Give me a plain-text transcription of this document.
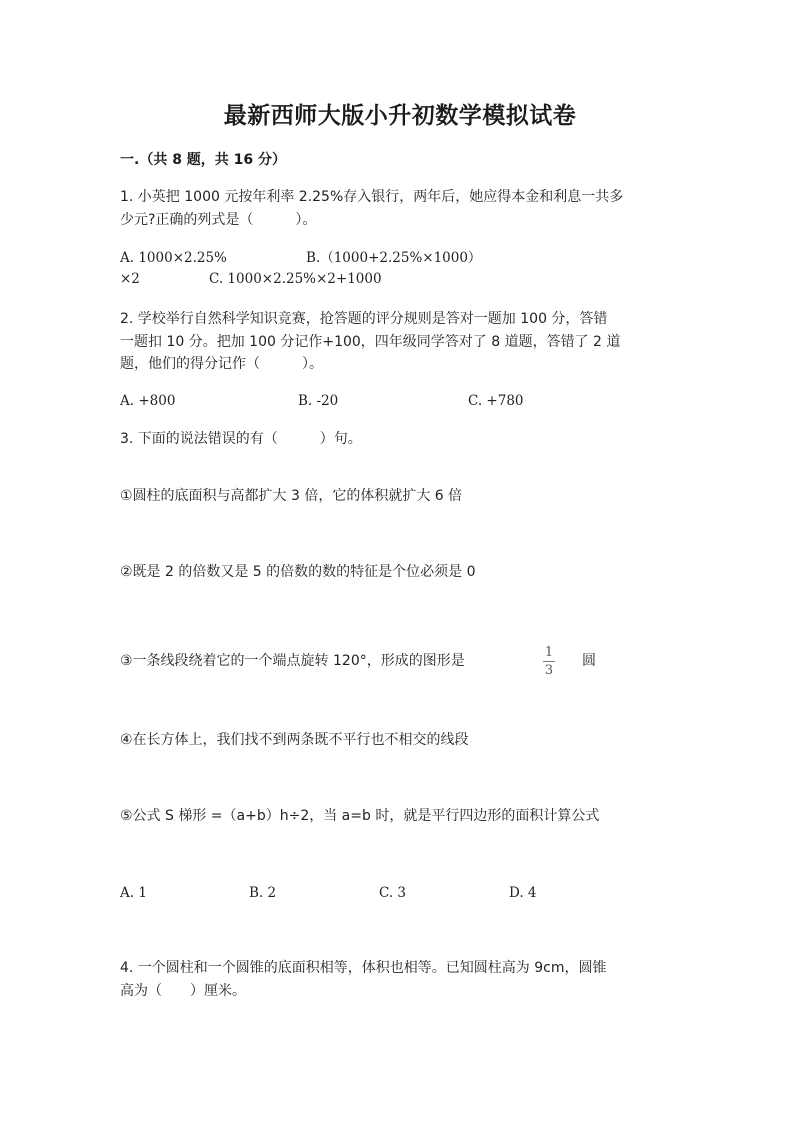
最新西师大版小升初数学模拟试卷
一.（共 8 题，共 16 分）
1. 小英把 1000 元按年利率 2.25%存入银行，两年后，她应得本金和利息一共多
少元?正确的列式是（　　　）。
A. 1000×2.25%	B.（1000+2.25%×1000）
×2	C. 1000×2.25%×2+1000
2. 学校举行自然科学知识竞赛，抢答题的评分规则是答对一题加 100 分，答错
一题扣 10 分。把加 100 分记作+100，四年级同学答对了 8 道题，答错了 2 道
题，他们的得分记作（　　　）。
A. +800	B. -20	C. +780
3. 下面的说法错误的有（　　　）句。
①圆柱的底面积与高都扩大 3 倍，它的体积就扩大 6 倍
②既是 2 的倍数又是 5 的倍数的数的特征是个位必须是 0
③一条线段绕着它的一个端点旋转 120°，形成的图形是
1
3
圆
④在长方体上，我们找不到两条既不平行也不相交的线段
⑤公式 S 梯形 =（a+b）h÷2，当 a=b 时，就是平行四边形的面积计算公式
A. 1	B. 2	C. 3	D. 4
4. 一个圆柱和一个圆锥的底面积相等，体积也相等。已知圆柱高为 9cm，圆锥
高为（　　）厘米。
